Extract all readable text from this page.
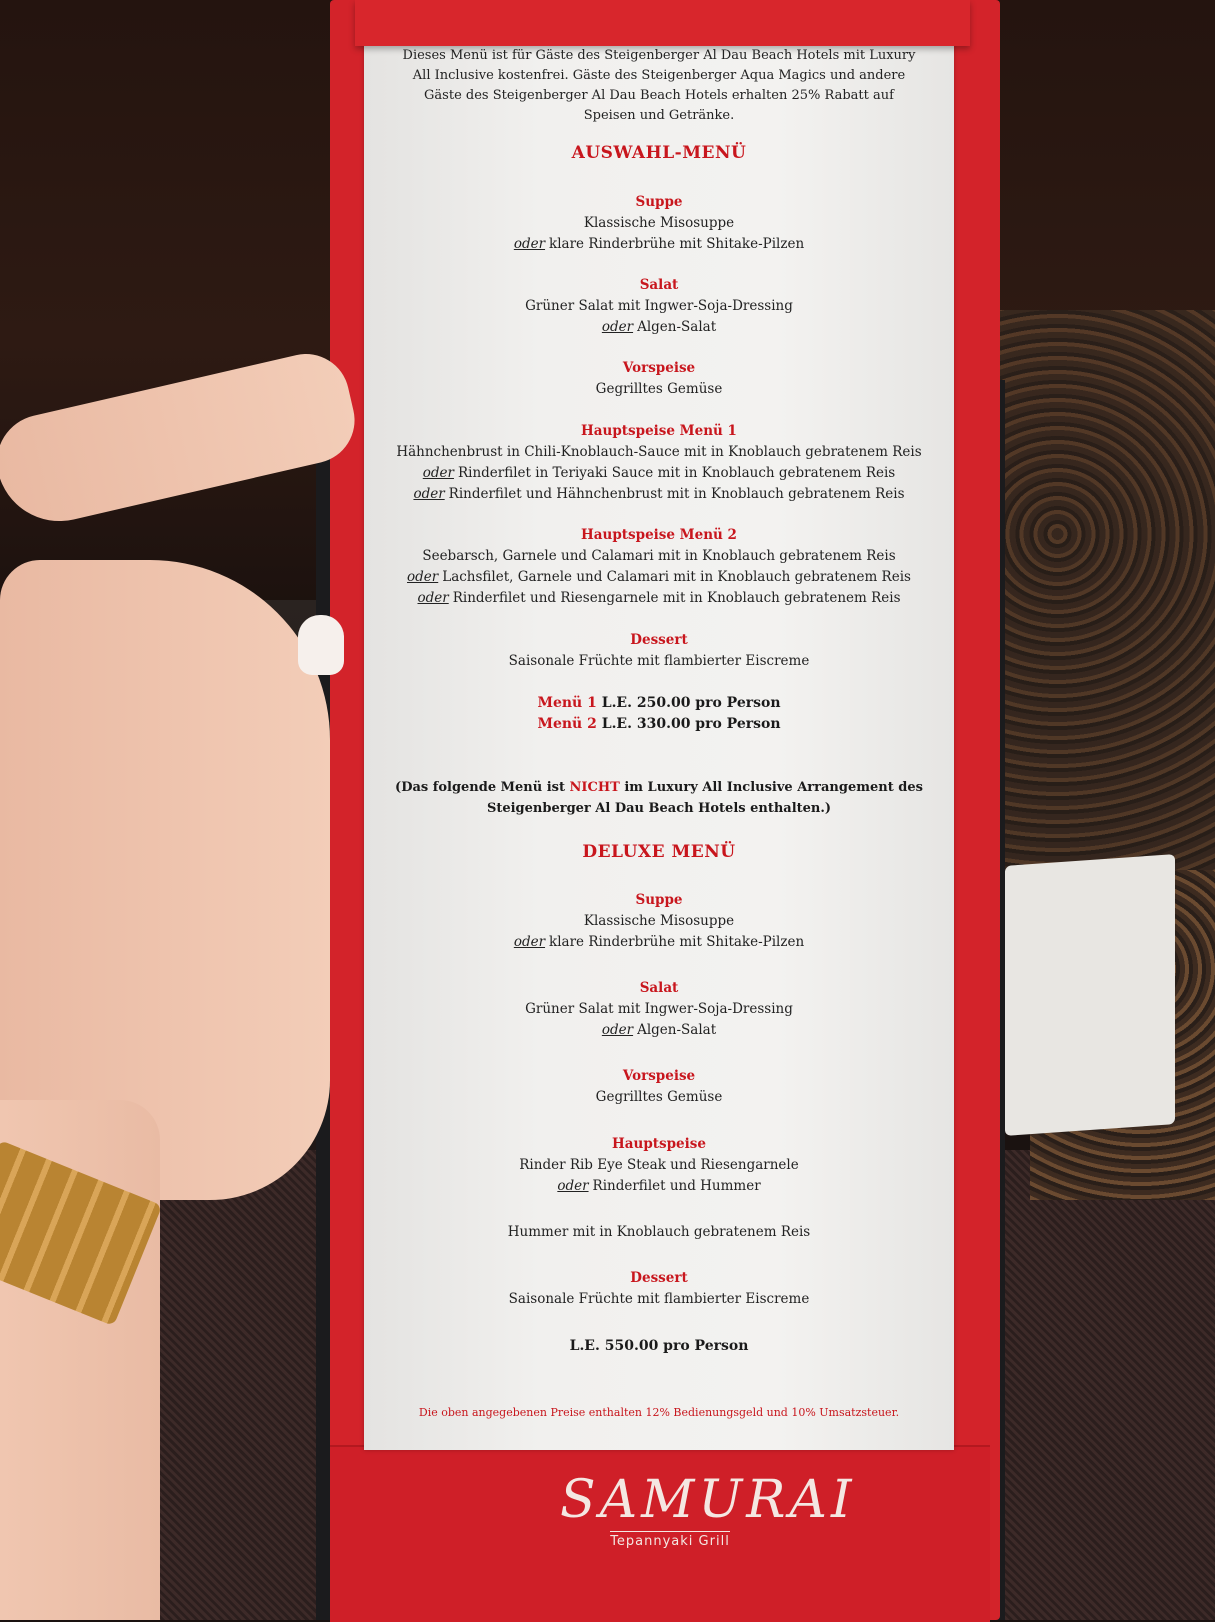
Dieses Menü ist für Gäste des Steigenberger Al Dau Beach Hotels mit Luxury
All Inclusive kostenfrei. Gäste des Steigenberger Aqua Magics und andere
Gäste des Steigenberger Al Dau Beach Hotels erhalten 25% Rabatt auf
Speisen und Getränke.
AUSWAHL-MENÜ
Suppe
Klassische Misosuppe
oder klare Rinderbrühe mit Shitake-Pilzen
Salat
Grüner Salat mit Ingwer-Soja-Dressing
oder Algen-Salat
Vorspeise
Gegrilltes Gemüse
Hauptspeise Menü 1
Hähnchenbrust in Chili-Knoblauch-Sauce mit in Knoblauch gebratenem Reis
oder Rinderfilet in Teriyaki Sauce mit in Knoblauch gebratenem Reis
oder Rinderfilet und Hähnchenbrust mit in Knoblauch gebratenem Reis
Hauptspeise Menü 2
Seebarsch, Garnele und Calamari mit in Knoblauch gebratenem Reis
oder Lachsfilet, Garnele und Calamari mit in Knoblauch gebratenem Reis
oder Rinderfilet und Riesengarnele mit in Knoblauch gebratenem Reis
Dessert
Saisonale Früchte mit flambierter Eiscreme
Menü 1 L.E. 250.00 pro Person
Menü 2 L.E. 330.00 pro Person
(Das folgende Menü ist NICHT im Luxury All Inclusive Arrangement des
Steigenberger Al Dau Beach Hotels enthalten.)
DELUXE MENÜ
Suppe
Klassische Misosuppe
oder klare Rinderbrühe mit Shitake-Pilzen
Salat
Grüner Salat mit Ingwer-Soja-Dressing
oder Algen-Salat
Vorspeise
Gegrilltes Gemüse
Hauptspeise
Rinder Rib Eye Steak und Riesengarnele
oder Rinderfilet und Hummer
Hummer mit in Knoblauch gebratenem Reis
Dessert
Saisonale Früchte mit flambierter Eiscreme
L.E. 550.00 pro Person
Die oben angegebenen Preise enthalten 12% Bedienungsgeld und 10% Umsatzsteuer.
SAMURAI
Tepannyaki Grill
